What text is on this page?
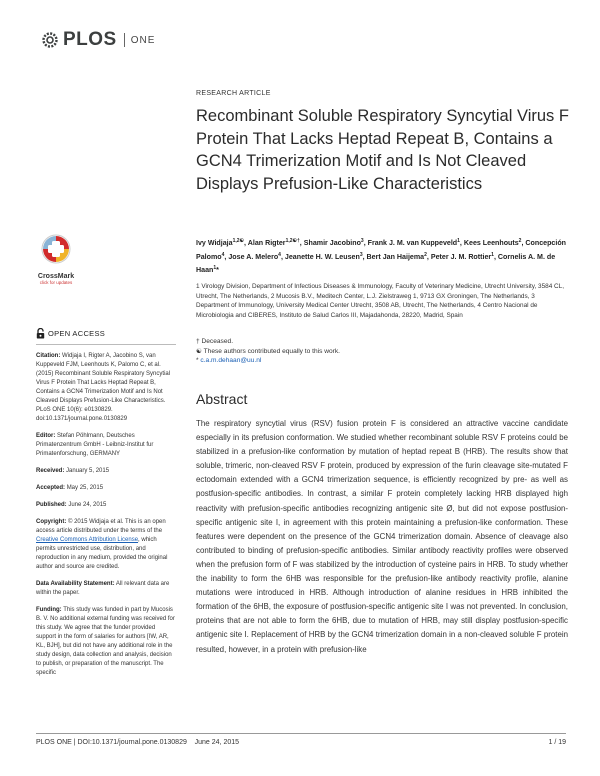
PLOS ONE
CrossMark
click for updates
OPEN ACCESS
Citation: Widjaja I, Rigter A, Jacobino S, van Kuppeveld FJM, Leenhouts K, Palomo C, et al. (2015) Recombinant Soluble Respiratory Syncytial Virus F Protein That Lacks Heptad Repeat B, Contains a GCN4 Trimerization Motif and Is Not Cleaved Displays Prefusion-Like Characteristics. PLoS ONE 10(6): e0130829. doi:10.1371/journal.pone.0130829
Editor: Stefan Pöhlmann, Deutsches Primatenzentrum GmbH - Leibniz-Institut fur Primatenforschung, GERMANY
Received: January 5, 2015
Accepted: May 25, 2015
Published: June 24, 2015
Copyright: © 2015 Widjaja et al. This is an open access article distributed under the terms of the Creative Commons Attribution License, which permits unrestricted use, distribution, and reproduction in any medium, provided the original author and source are credited.
Data Availability Statement: All relevant data are within the paper.
Funding: This study was funded in part by Mucosis B. V. No additional external funding was received for this study. We agree that the funder provided support in the form of salaries for authors [IW, AR, KL, BJH], but did not have any additional role in the study design, data collection and analysis, decision to publish, or preparation of the manuscript. The specific
RESEARCH ARTICLE
Recombinant Soluble Respiratory Syncytial Virus F Protein That Lacks Heptad Repeat B, Contains a GCN4 Trimerization Motif and Is Not Cleaved Displays Prefusion-Like Characteristics
Ivy Widjaja$^{1,2☯}$, Alan Rigter$^{1,2☯\dagger}$, Shamir Jacobino$^3$, Frank J. M. van Kuppeveld$^1$, Kees Leenhouts$^2$, Concepción Palomo$^4$, Jose A. Melero$^4$, Jeanette H. W. Leusen$^3$, Bert Jan Haijema$^2$, Peter J. M. Rottier$^1$, Cornelis A. M. de Haan$^1$*
1 Virology Division, Department of Infectious Diseases & Immunology, Faculty of Veterinary Medicine, Utrecht University, 3584 CL, Utrecht, The Netherlands, 2 Mucosis B.V., Meditech Center, L.J. Zielstraweg 1, 9713 GX Groningen, The Netherlands, 3 Department of Immunology, University Medical Center Utrecht, 3508 AB, Utrecht, The Netherlands, 4 Centro Nacional de Microbiologia and CIBERES, Instituto de Salud Carlos III, Majadahonda, 28220, Madrid, Spain
† Deceased.
☯ These authors contributed equally to this work.
* c.a.m.dehaan@uu.nl
Abstract

The respiratory syncytial virus (RSV) fusion protein F is considered an attractive vaccine candidate especially in its prefusion conformation. We studied whether recombinant soluble RSV F proteins could be stabilized in a prefusion-like conformation by mutation of heptad repeat B (HRB). The results show that soluble, trimeric, non-cleaved RSV F protein, produced by expression of the furin cleavage site-mutated F ectodomain extended with a GCN4 trimerization sequence, is efficiently recognized by pre- as well as postfusion-specific antibodies. In contrast, a similar F protein completely lacking HRB displayed high reactivity with prefusion-specific antibodies recognizing antigenic site Ø, but did not expose postfusion-specific antigenic site I, in agreement with this protein maintaining a prefusion-like conformation. These features were dependent on the presence of the GCN4 trimerization domain. Absence of cleavage also contributed to binding of prefusion-specific antibodies. Similar antibody reactivity profiles were observed when the prefusion form of F was stabilized by the introduction of cysteine pairs in HRB. To study whether the inability to form the 6HB was responsible for the prefusion-like antibody reactivity profile, alanine mutations were introduced in HRB. Although introduction of alanine residues in HRB inhibited the formation of the 6HB, the exposure of postfusion-specific antigenic site I was not prevented. In conclusion, proteins that are not able to form the 6HB, due to mutation of HRB, may still display postfusion-specific antigenic site I. Replacement of HRB by the GCN4 trimerization domain in a non-cleaved soluble F protein resulted, however, in a protein with prefusion-like

PLOS ONE | DOI:10.1371/journal.pone.0130829    June 24, 2015	1 / 19
